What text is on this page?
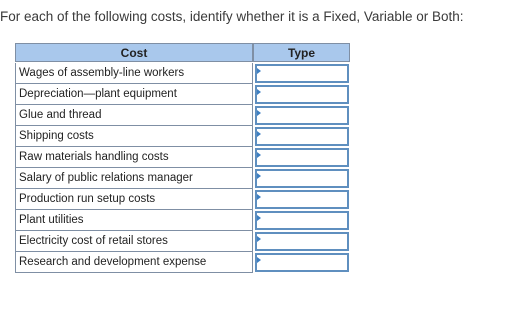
For each of the following costs, identify whether it is a Fixed, Variable or Both:
Cost	Type
Wages of assembly-line workers
Depreciation—plant equipment
Glue and thread
Shipping costs
Raw materials handling costs
Salary of public relations manager
Production run setup costs
Plant utilities
Electricity cost of retail stores
Research and development expense
